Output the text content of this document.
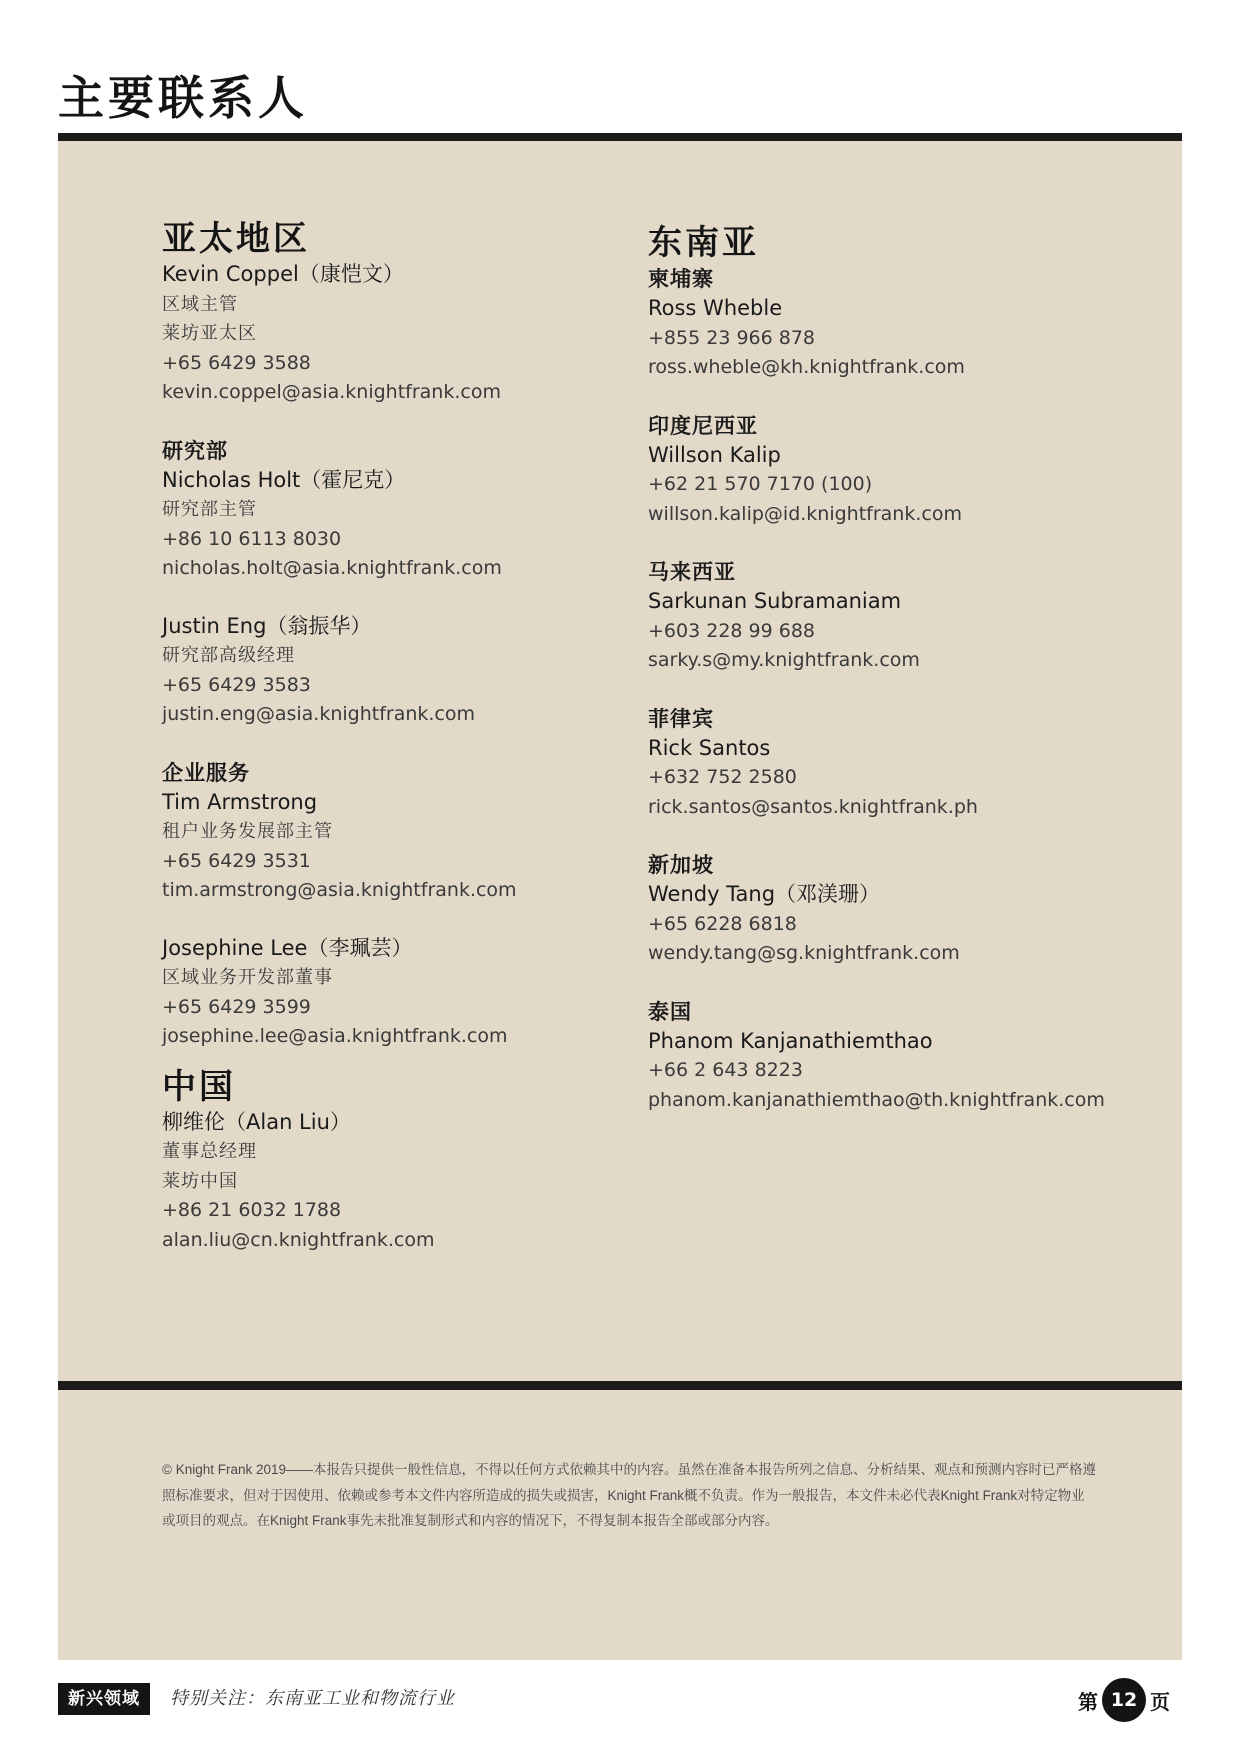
主要联系人
亚太地区
Kevin Coppel（康恺文）
区域主管
莱坊亚太区
+65 6429 3588
kevin.coppel@asia.knightfrank.com
研究部
Nicholas Holt（霍尼克）
研究部主管
+86 10 6113 8030
nicholas.holt@asia.knightfrank.com
Justin Eng（翁振华）
研究部高级经理
+65 6429 3583
justin.eng@asia.knightfrank.com
企业服务
Tim Armstrong
租户业务发展部主管
+65 6429 3531
tim.armstrong@asia.knightfrank.com
Josephine Lee（李珮芸）
区域业务开发部董事
+65 6429 3599
josephine.lee@asia.knightfrank.com
中国
柳维伦（Alan Liu）
董事总经理
莱坊中国
+86 21 6032 1788
alan.liu@cn.knightfrank.com
东南亚
柬埔寨
Ross Wheble
+855 23 966 878
ross.wheble@kh.knightfrank.com
印度尼西亚
Willson Kalip
+62 21 570 7170 (100)
willson.kalip@id.knightfrank.com
马来西亚
Sarkunan Subramaniam
+603 228 99 688
sarky.s@my.knightfrank.com
菲律宾
Rick Santos
+632 752 2580
rick.santos@santos.knightfrank.ph
新加坡
Wendy Tang（邓渼珊）
+65 6228 6818
wendy.tang@sg.knightfrank.com
泰国
Phanom Kanjanathiemthao
+66 2 643 8223
phanom.kanjanathiemthao@th.knightfrank.com
© Knight Frank 2019——本报告只提供一般性信息，不得以任何方式依赖其中的内容。虽然在准备本报告所列之信息、分析结果、观点和预测内容时已严格遵照标准要求，但对于因使用、依赖或参考本文件内容所造成的损失或损害，Knight Frank概不负责。作为一般报告，本文件未必代表Knight Frank对特定物业或项目的观点。在Knight Frank事先未批准复制形式和内容的情况下，不得复制本报告全部或部分内容。
新兴领域	特别关注：东南亚工业和物流行业	第 12 页
